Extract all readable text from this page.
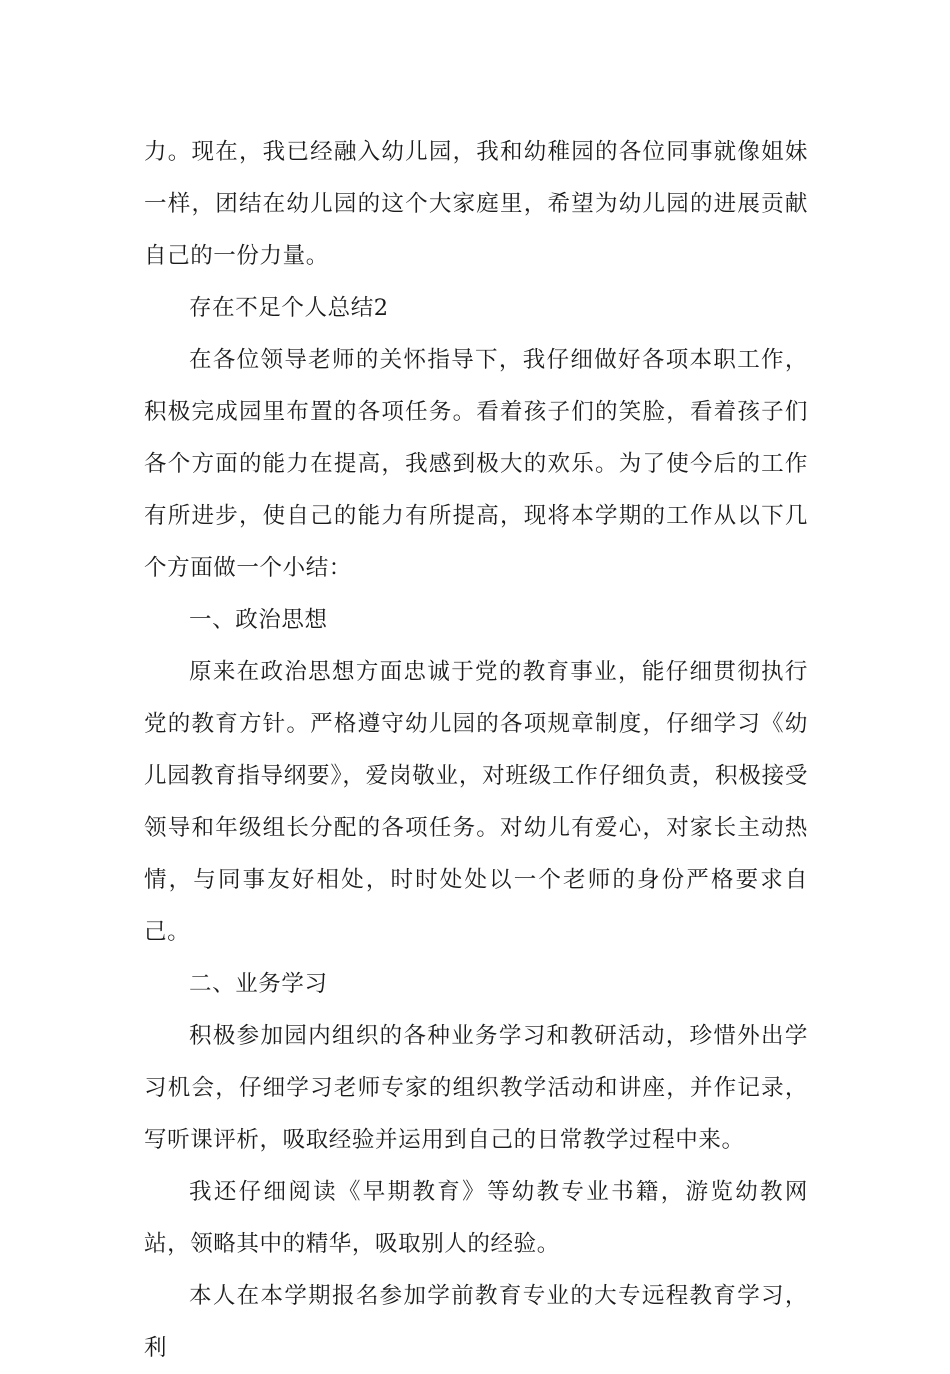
力。现在，我已经融入幼儿园，我和幼稚园的各位同事就像姐妹一样，团结在幼儿园的这个大家庭里，希望为幼儿园的进展贡献自己的一份力量。

存在不足个人总结2

在各位领导老师的关怀指导下，我仔细做好各项本职工作，积极完成园里布置的各项任务。看着孩子们的笑脸，看着孩子们各个方面的能力在提高，我感到极大的欢乐。为了使今后的工作有所进步，使自己的能力有所提高，现将本学期的工作从以下几个方面做一个小结：

一、政治思想

原来在政治思想方面忠诚于党的教育事业，能仔细贯彻执行党的教育方针。严格遵守幼儿园的各项规章制度，仔细学习《幼儿园教育指导纲要》，爱岗敬业，对班级工作仔细负责，积极接受领导和年级组长分配的各项任务。对幼儿有爱心，对家长主动热情，与同事友好相处，时时处处以一个老师的身份严格要求自己。

二、业务学习

积极参加园内组织的各种业务学习和教研活动，珍惜外出学习机会，仔细学习老师专家的组织教学活动和讲座，并作记录，写听课评析，吸取经验并运用到自己的日常教学过程中来。

我还仔细阅读《早期教育》等幼教专业书籍，游览幼教网站，领略其中的精华，吸取别人的经验。

本人在本学期报名参加学前教育专业的大专远程教育学习，利
